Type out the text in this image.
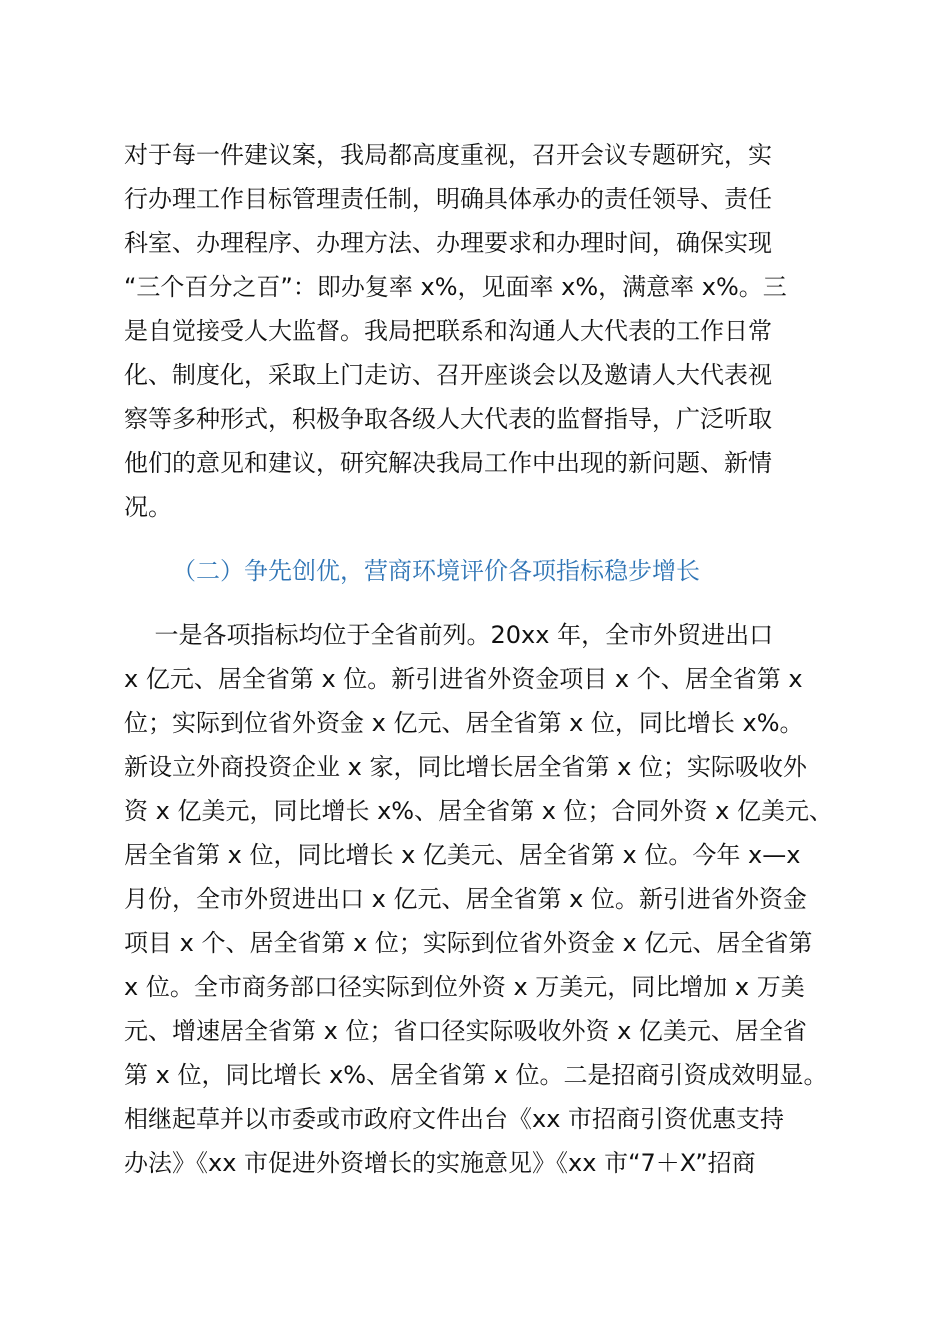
对于每一件建议案，我局都高度重视，召开会议专题研究，实
行办理工作目标管理责任制，明确具体承办的责任领导、责任
科室、办理程序、办理方法、办理要求和办理时间，确保实现
“三个百分之百”：即办复率 x%，见面率 x%，满意率 x%。三
是自觉接受人大监督。我局把联系和沟通人大代表的工作日常
化、制度化，采取上门走访、召开座谈会以及邀请人大代表视
察等多种形式，积极争取各级人大代表的监督指导，广泛听取
他们的意见和建议，研究解决我局工作中出现的新问题、新情
况。
（二）争先创优，营商环境评价各项指标稳步增长
一是各项指标均位于全省前列。20xx 年，全市外贸进出口
x 亿元、居全省第 x 位。新引进省外资金项目 x 个、居全省第 x
位；实际到位省外资金 x 亿元、居全省第 x 位，同比增长 x%。
新设立外商投资企业 x 家，同比增长居全省第 x 位；实际吸收外
资 x 亿美元，同比增长 x%、居全省第 x 位；合同外资 x 亿美元、
居全省第 x 位，同比增长 x 亿美元、居全省第 x 位。今年 x—x
月份，全市外贸进出口 x 亿元、居全省第 x 位。新引进省外资金
项目 x 个、居全省第 x 位；实际到位省外资金 x 亿元、居全省第
x 位。全市商务部口径实际到位外资 x 万美元，同比增加 x 万美
元、增速居全省第 x 位；省口径实际吸收外资 x 亿美元、居全省
第 x 位，同比增长 x%、居全省第 x 位。二是招商引资成效明显。
相继起草并以市委或市政府文件出台《xx 市招商引资优惠支持
办法》《xx 市促进外资增长的实施意见》《xx 市“7＋X”招商
